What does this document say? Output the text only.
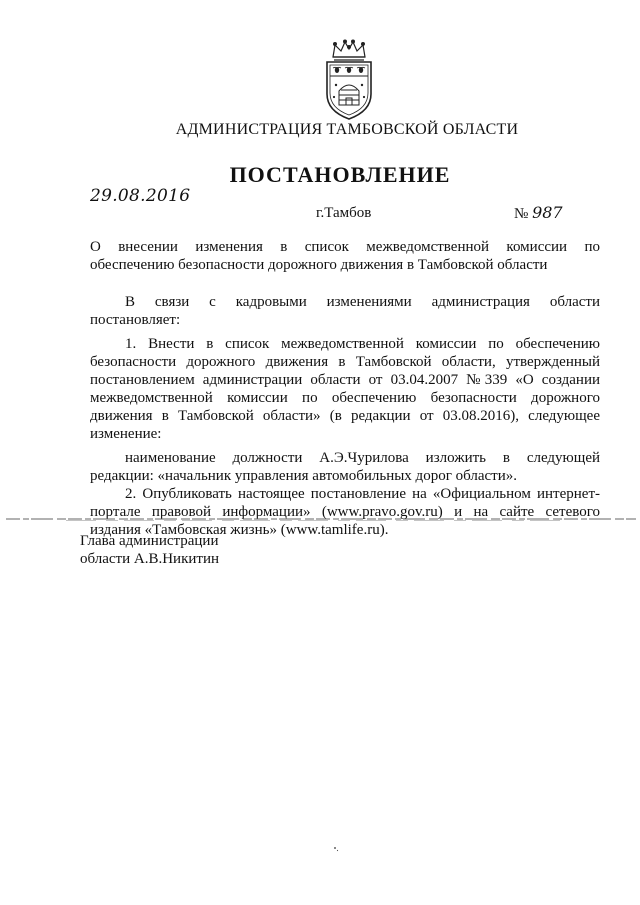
АДМИНИСТРАЦИЯ ТАМБОВСКОЙ ОБЛАСТИ
ПОСТАНОВЛЕНИЕ
29.08.2016
г.Тамбов	№ 987
О внесении изменения в список межведомственной комиссии по
обеспечению безопасности дорожного движения в Тамбовской области
В связи с кадровыми изменениями администрация области
постановляет:
1. Внести в список межведомственной комиссии по обеспечению
безопасности дорожного движения в Тамбовской области, утвержденный
постановлением администрации области от 03.04.2007 №339 «О создании
межведомственной комиссии по обеспечению безопасности дорожного
движения в Тамбовской области» (в редакции от 03.08.2016), следующее
изменение:
наименование должности А.Э.Чурилова изложить в следующей
редакции: «начальник управления автомобильных дорог области».
2. Опубликовать настоящее постановление на «Официальном интернет-
портале правовой информации» (www.pravo.gov.ru) и на сайте сетевого
издания «Тамбовская жизнь» (www.tamlife.ru).
Глава администрации
области А.В.Никитин
